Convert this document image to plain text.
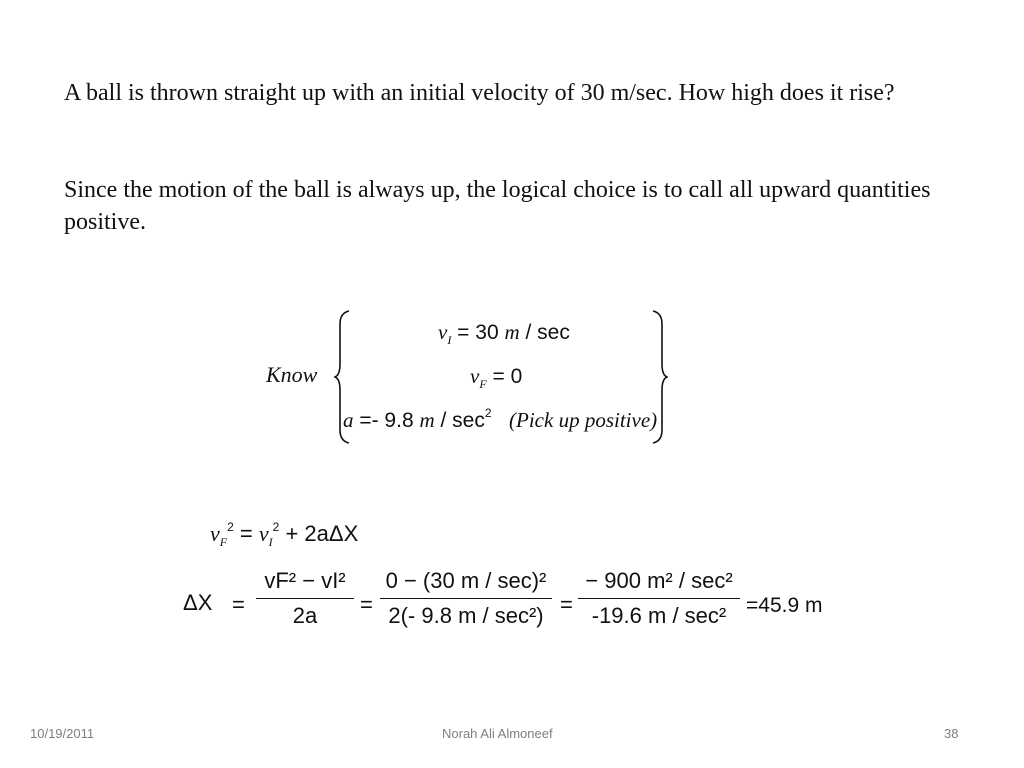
A ball is thrown straight up with an initial velocity of 30 m/sec. How high does it rise?

Since the motion of the ball is always up, the logical choice is to call all upward quantities positive.

Know
$v_I = 30$ m / sec
$v_F = 0$
a =- 9.8 m / $\sec^2$ (Pick up positive)
$v_F^2 = v_I^2 + 2a\Delta X$
ΔX =
vF² − vI²
2a	=
0 − (30 m / sec)²
2(- 9.8 m / sec²) =
− 900 m² / sec²
-19.6 m / sec² =45.9 m
10/19/2011	Norah Ali Almoneef	38
